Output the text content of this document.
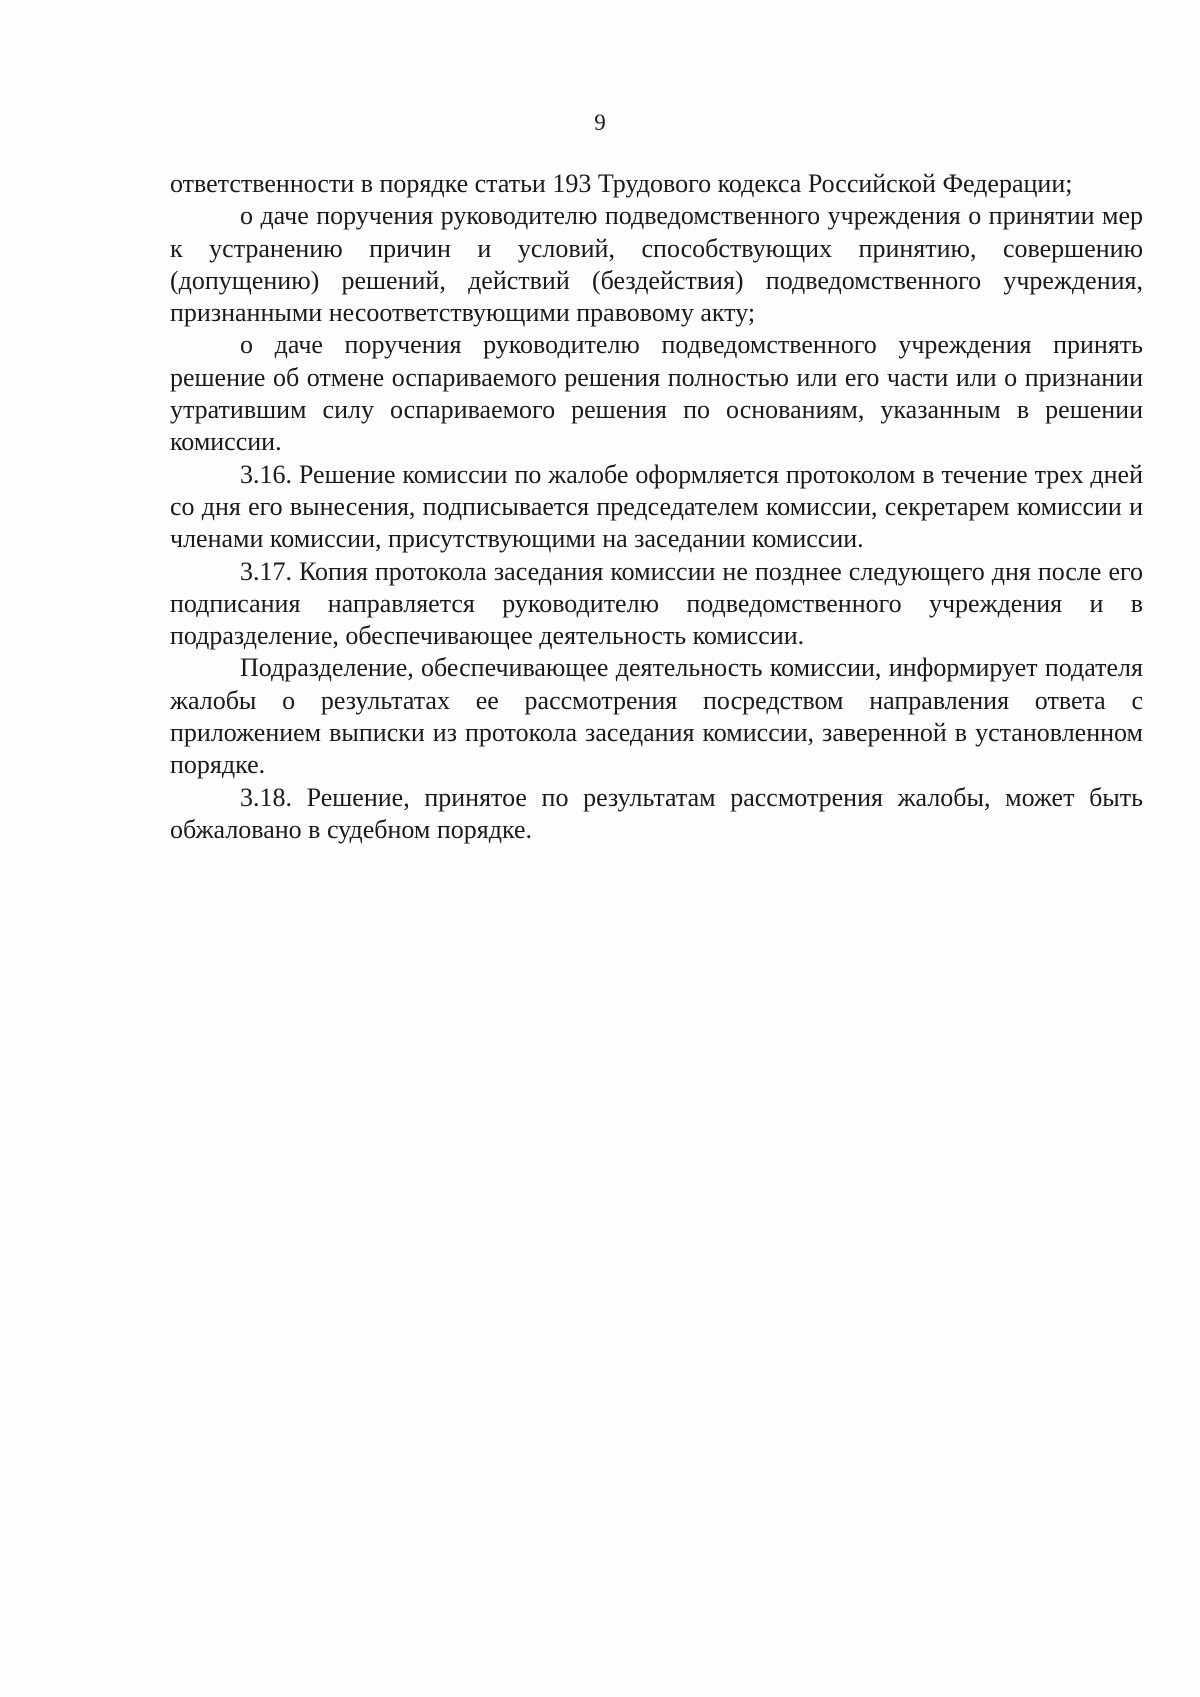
9

ответственности в порядке статьи 193 Трудового кодекса Российской Федерации;

о даче поручения руководителю подведомственного учреждения о принятии мер к устранению причин и условий, способствующих принятию, совершению (допущению) решений, действий (бездействия) подведомственного учреждения, признанными несоответствующими правовому акту;

о даче поручения руководителю подведомственного учреждения принять решение об отмене оспариваемого решения полностью или его части или о признании утратившим силу оспариваемого решения по основаниям, указанным в решении комиссии.

3.16. Решение комиссии по жалобе оформляется протоколом в течение трех дней со дня его вынесения, подписывается председателем комиссии, секретарем комиссии и членами комиссии, присутствующими на заседании комиссии.

3.17. Копия протокола заседания комиссии не позднее следующего дня после его подписания направляется руководителю подведомственного учреждения и в подразделение, обеспечивающее деятельность комиссии.

Подразделение, обеспечивающее деятельность комиссии, информирует подателя жалобы о результатах ее рассмотрения посредством направления ответа с приложением выписки из протокола заседания комиссии, заверенной в установленном порядке.

3.18. Решение, принятое по результатам рассмотрения жалобы, может быть обжаловано в судебном порядке.
